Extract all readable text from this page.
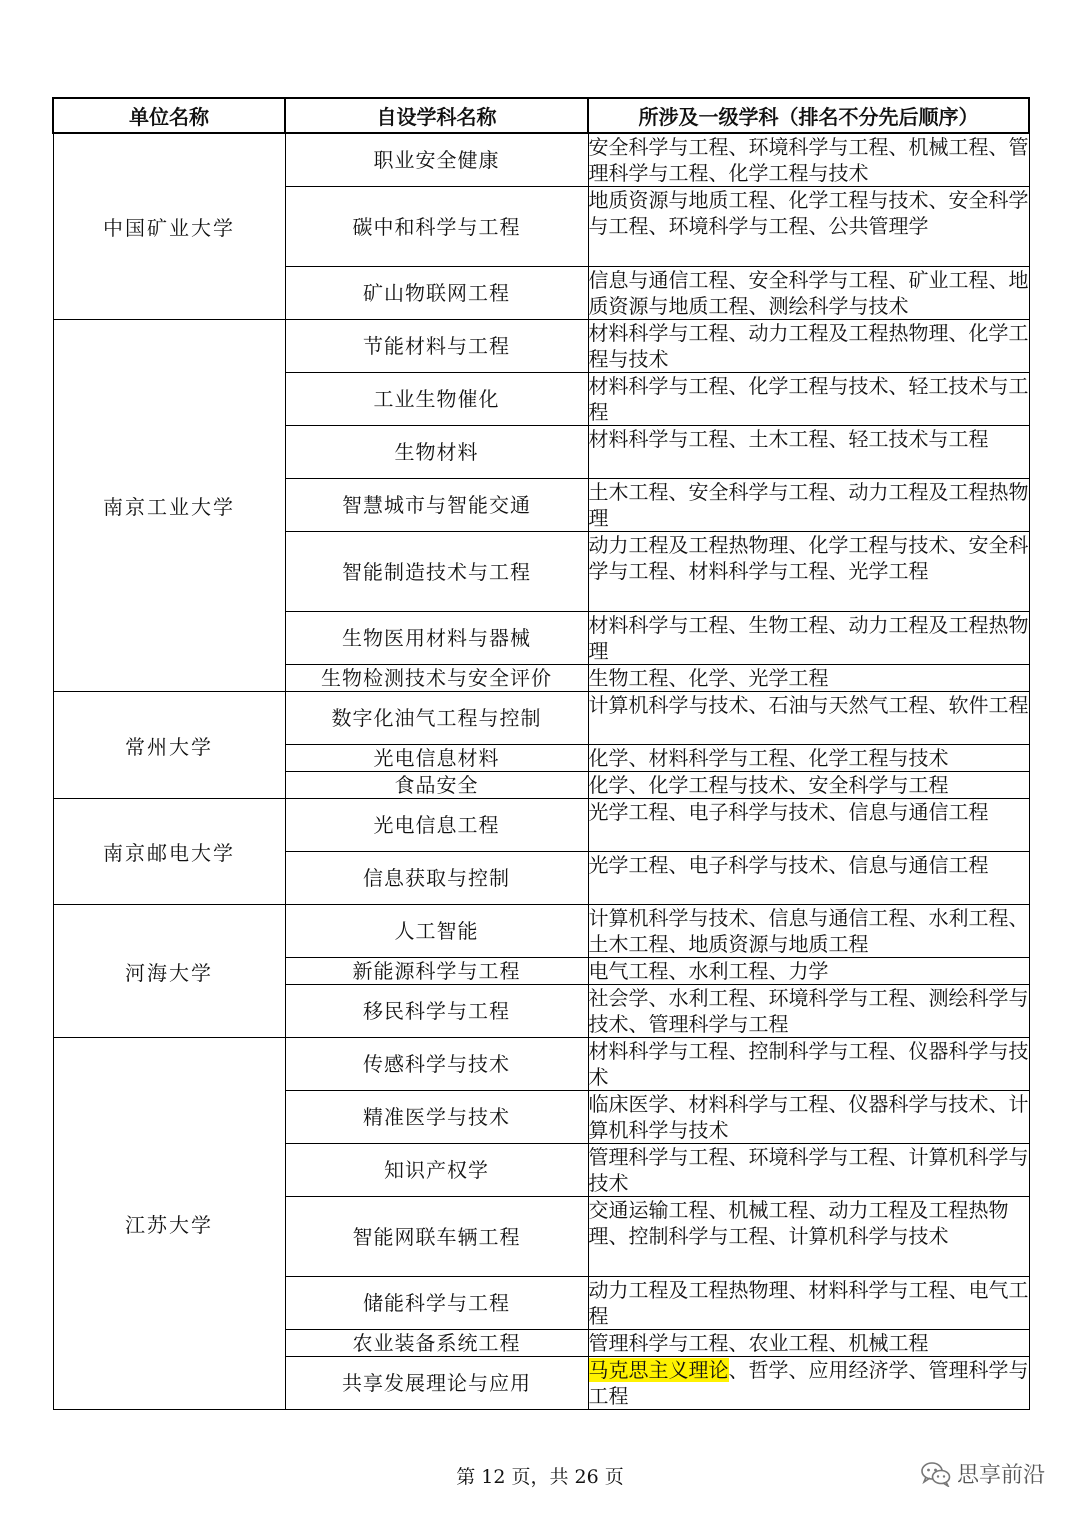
单位名称	自设学科名称	所涉及一级学科（排名不分先后顺序）
中国矿业大学	职业安全健康	安全科学与工程、环境科学与工程、机械工程、管理科学与工程、化学工程与技术
	碳中和科学与工程	地质资源与地质工程、化学工程与技术、安全科学与工程、环境科学与工程、公共管理学
	矿山物联网工程	信息与通信工程、安全科学与工程、矿业工程、地质资源与地质工程、测绘科学与技术
南京工业大学	节能材料与工程	材料科学与工程、动力工程及工程热物理、化学工程与技术
	工业生物催化	材料科学与工程、化学工程与技术、轻工技术与工程
	生物材料	材料科学与工程、土木工程、轻工技术与工程
	智慧城市与智能交通	土木工程、安全科学与工程、动力工程及工程热物理
	智能制造技术与工程	动力工程及工程热物理、化学工程与技术、安全科学与工程、材料科学与工程、光学工程
	生物医用材料与器械	材料科学与工程、生物工程、动力工程及工程热物理
	生物检测技术与安全评价	生物工程、化学、光学工程
常州大学	数字化油气工程与控制	计算机科学与技术、石油与天然气工程、软件工程
	光电信息材料	化学、材料科学与工程、化学工程与技术
	食品安全	化学、化学工程与技术、安全科学与工程
南京邮电大学	光电信息工程	光学工程、电子科学与技术、信息与通信工程
	信息获取与控制	光学工程、电子科学与技术、信息与通信工程
河海大学	人工智能	计算机科学与技术、信息与通信工程、水利工程、土木工程、地质资源与地质工程
	新能源科学与工程	电气工程、水利工程、力学
	移民科学与工程	社会学、水利工程、环境科学与工程、测绘科学与技术、管理科学与工程
江苏大学	传感科学与技术	材料科学与工程、控制科学与工程、仪器科学与技术
	精准医学与技术	临床医学、材料科学与工程、仪器科学与技术、计算机科学与技术
	知识产权学	管理科学与工程、环境科学与工程、计算机科学与技术
	智能网联车辆工程	交通运输工程、机械工程、动力工程及工程热物理、控制科学与工程、计算机科学与技术
	储能科学与工程	动力工程及工程热物理、材料科学与工程、电气工程
	农业装备系统工程	管理科学与工程、农业工程、机械工程
	共享发展理论与应用	马克思主义理论、哲学、应用经济学、管理科学与工程
第 12 页，共 26 页	思享前沿
